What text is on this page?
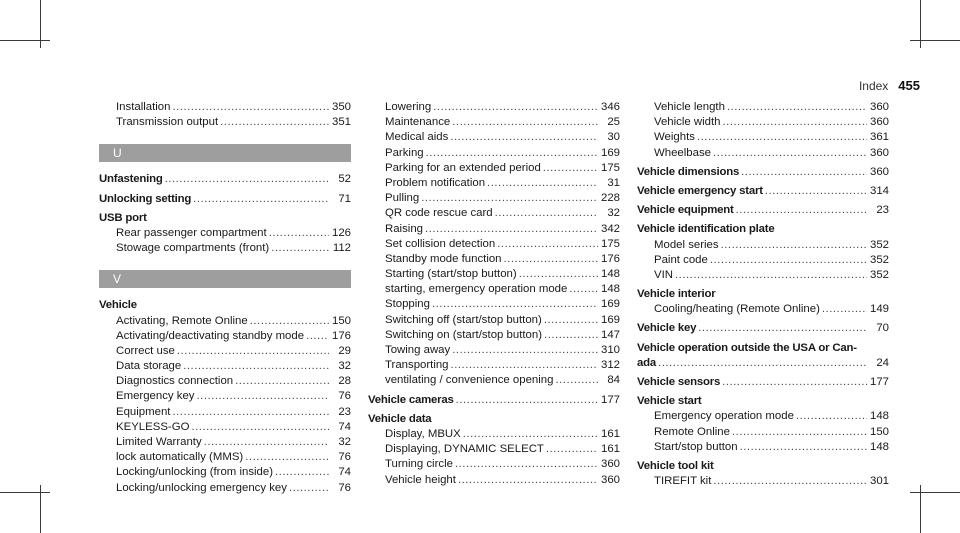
Index 455
Installation .....	350
Transmission output .....	351
U
Unfastening .....	52
Unlocking setting .....	71
USB port
Rear passenger compartment .....	126
Stowage compartments (front) .....	112
V
Vehicle
Activating, Remote Online .....	150
Activating/deactivating standby mode ..... 176
Correct use .....	29
Data storage .....	32
Diagnostics connection .....	28
Emergency key .....	76
Equipment .....	23
KEYLESS-GO .....	74
Limited Warranty .....	32
lock automatically (MMS) .....	76
Locking/unlocking (from inside) .....	74
Locking/unlocking emergency key .....	76
Lowering .....	346
Maintenance .....	25
Medical aids .....	30
Parking .....	169
Parking for an extended period .....	175
Problem notification .....	31
Pulling .....	228
QR code rescue card .....	32
Raising .....	342
Set collision detection .....	175
Standby mode function .....	176
Starting (start/stop button) .....	148
starting, emergency operation mode .....	148
Stopping .....	169
Switching off (start/stop button) .....	169
Switching on (start/stop button) .....	147
Towing away .....	310
Transporting .....	312
ventilating / convenience opening .....	84
Vehicle cameras .....	177
Vehicle data
Display, MBUX .....	161
Displaying, DYNAMIC SELECT .....	161
Turning circle .....	360
Vehicle height .....	360
Vehicle length .....	360
Vehicle width .....	360
Weights .....	361
Wheelbase .....	360
Vehicle dimensions .....	360
Vehicle emergency start .....	314
Vehicle equipment .....	23
Vehicle identification plate
Model series .....	352
Paint code .....	352
VIN .....	352
Vehicle interior
Cooling/heating (Remote Online) .....	149
Vehicle key .....	70
Vehicle operation outside the USA or Can-
ada .....	24
Vehicle sensors .....	177
Vehicle start
Emergency operation mode .....	148
Remote Online .....	150
Start/stop button .....	148
Vehicle tool kit
TIREFIT kit .....	301
